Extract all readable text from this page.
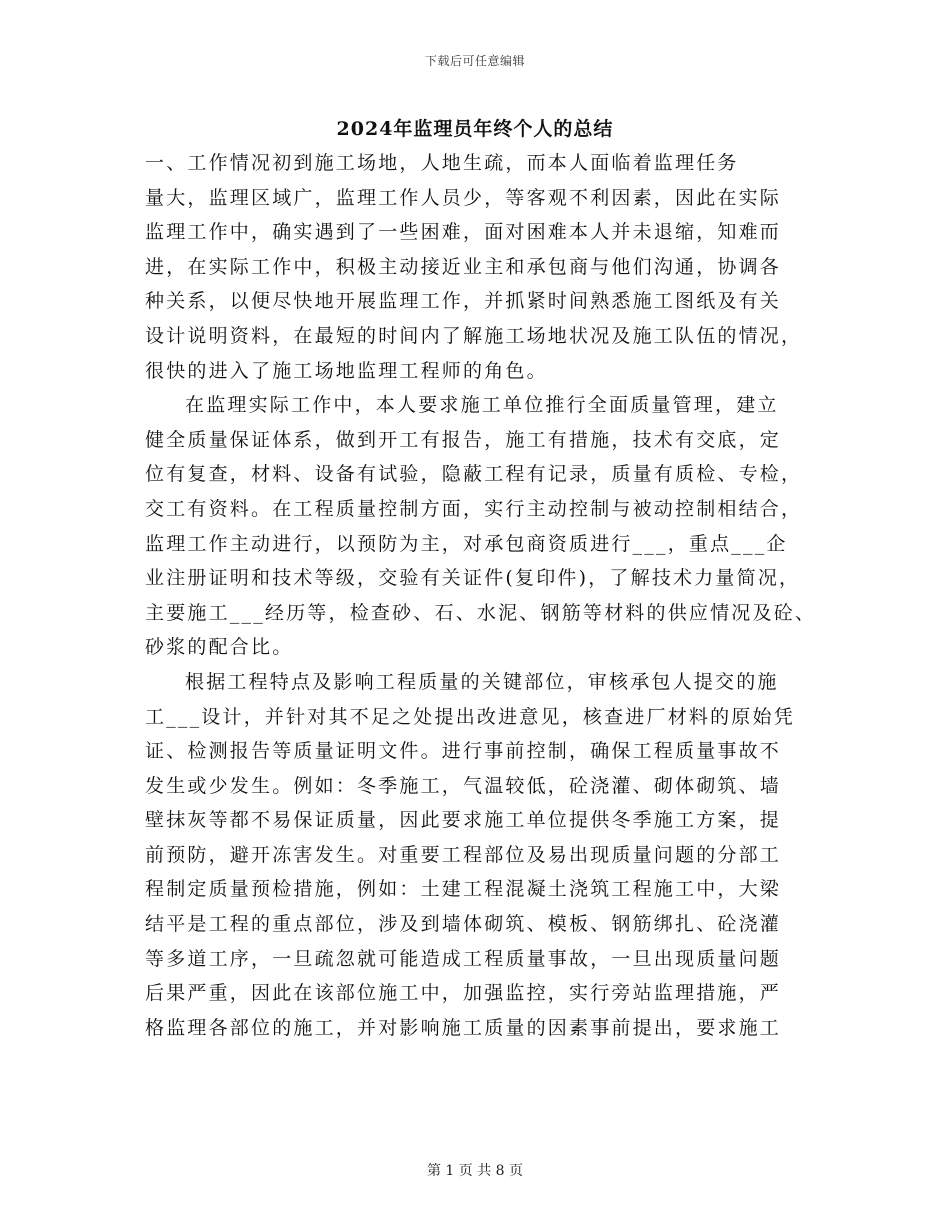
下载后可任意编辑
2024年监理员年终个人的总结
一、工作情况初到施工场地，人地生疏，而本人面临着监理任务
量大，监理区域广，监理工作人员少，等客观不利因素，因此在实际
监理工作中，确实遇到了一些困难，面对困难本人并未退缩，知难而
进，在实际工作中，积极主动接近业主和承包商与他们沟通，协调各
种关系，以便尽快地开展监理工作，并抓紧时间熟悉施工图纸及有关
设计说明资料，在最短的时间内了解施工场地状况及施工队伍的情况，
很快的进入了施工场地监理工程师的角色。
在监理实际工作中，本人要求施工单位推行全面质量管理，建立
健全质量保证体系，做到开工有报告，施工有措施，技术有交底，定
位有复查，材料、设备有试验，隐蔽工程有记录，质量有质检、专检，
交工有资料。在工程质量控制方面，实行主动控制与被动控制相结合，
监理工作主动进行，以预防为主，对承包商资质进行___，重点___企
业注册证明和技术等级，交验有关证件(复印件)，了解技术力量简况，
主要施工___经历等，检查砂、石、水泥、钢筋等材料的供应情况及砼、
砂浆的配合比。
根据工程特点及影响工程质量的关键部位，审核承包人提交的施
工___设计，并针对其不足之处提出改进意见，核查进厂材料的原始凭
证、检测报告等质量证明文件。进行事前控制，确保工程质量事故不
发生或少发生。例如：冬季施工，气温较低，砼浇灌、砌体砌筑、墙
壁抹灰等都不易保证质量，因此要求施工单位提供冬季施工方案，提
前预防，避开冻害发生。对重要工程部位及易出现质量问题的分部工
程制定质量预检措施，例如：土建工程混凝土浇筑工程施工中，大梁
结平是工程的重点部位，涉及到墙体砌筑、模板、钢筋绑扎、砼浇灌
等多道工序，一旦疏忽就可能造成工程质量事故，一旦出现质量问题
后果严重，因此在该部位施工中，加强监控，实行旁站监理措施，严
格监理各部位的施工，并对影响施工质量的因素事前提出，要求施工
第 1 页 共 8 页
